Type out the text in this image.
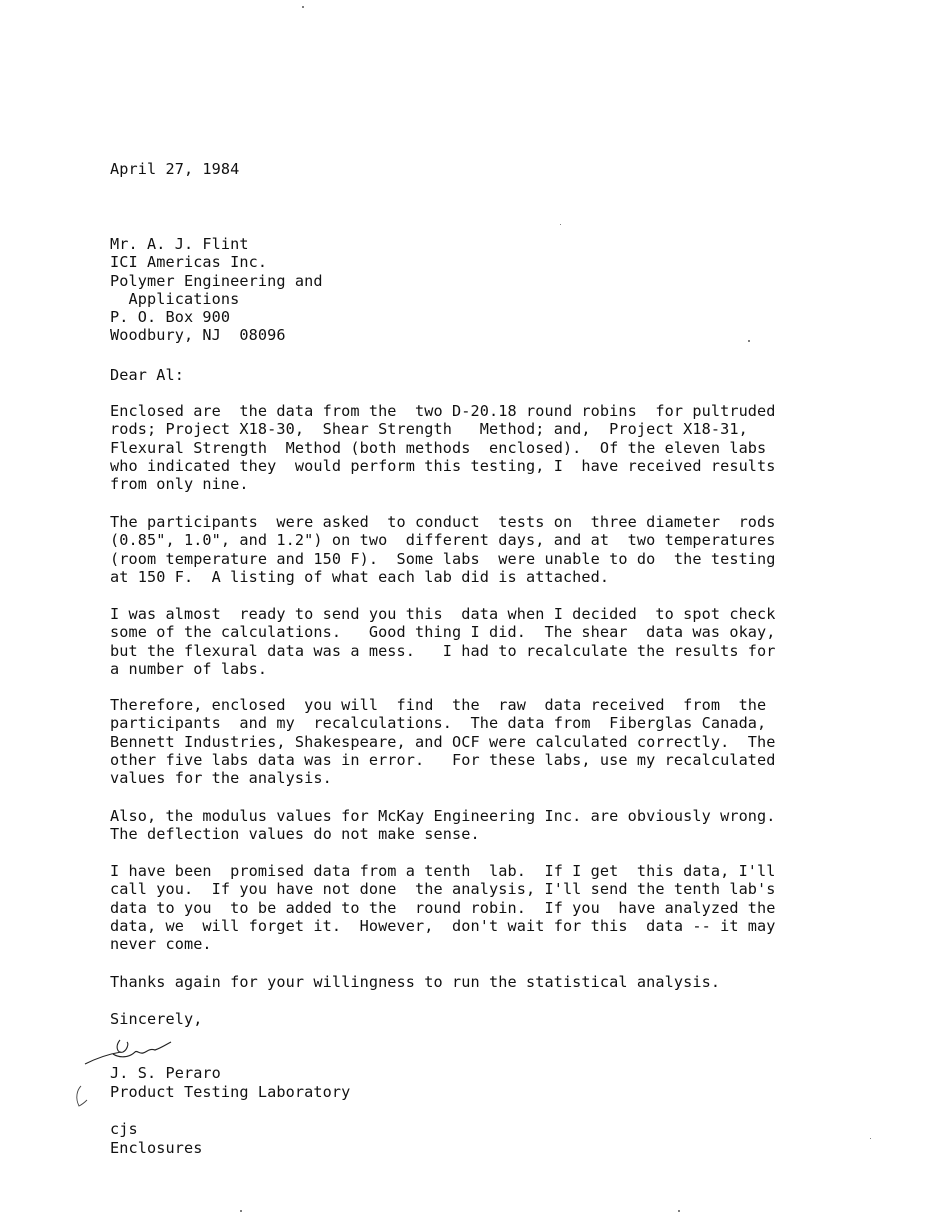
April 27, 1984

Mr. A. J. Flint
ICI Americas Inc.
Polymer Engineering and
Applications
P. O. Box 900
Woodbury, NJ  08096

Dear Al:

Enclosed are  the data from the  two D-20.18 round robins  for pultruded
rods; Project X18-30,  Shear Strength   Method; and,  Project X18-31,
Flexural Strength  Method (both methods  enclosed).  Of the eleven labs
who indicated they  would perform this testing, I  have received results
from only nine.

The participants  were asked  to conduct  tests on  three diameter  rods
(0.85", 1.0", and 1.2") on two  different days, and at  two temperatures
(room temperature and 150 F).  Some labs  were unable to do  the testing
at 150 F.  A listing of what each lab did is attached.

I was almost  ready to send you this  data when I decided  to spot check
some of the calculations.   Good thing I did.  The shear  data was okay,
but the flexural data was a mess.   I had to recalculate the results for
a number of labs.

Therefore, enclosed  you will  find  the  raw  data received  from  the
participants  and my  recalculations.  The data from  Fiberglas Canada,
Bennett Industries, Shakespeare, and OCF were calculated correctly.  The
other five labs data was in error.   For these labs, use my recalculated
values for the analysis.

Also, the modulus values for McKay Engineering Inc. are obviously wrong.
The deflection values do not make sense.

I have been  promised data from a tenth  lab.  If I get  this data, I'll
call you.  If you have not done  the analysis, I'll send the tenth lab's
data to you  to be added to the  round robin.  If you  have analyzed the
data, we  will forget it.  However,  don't wait for this  data -- it may
never come.

Thanks again for your willingness to run the statistical analysis.

Sincerely,

J. S. Peraro

Product Testing Laboratory

cjs

Enclosures
